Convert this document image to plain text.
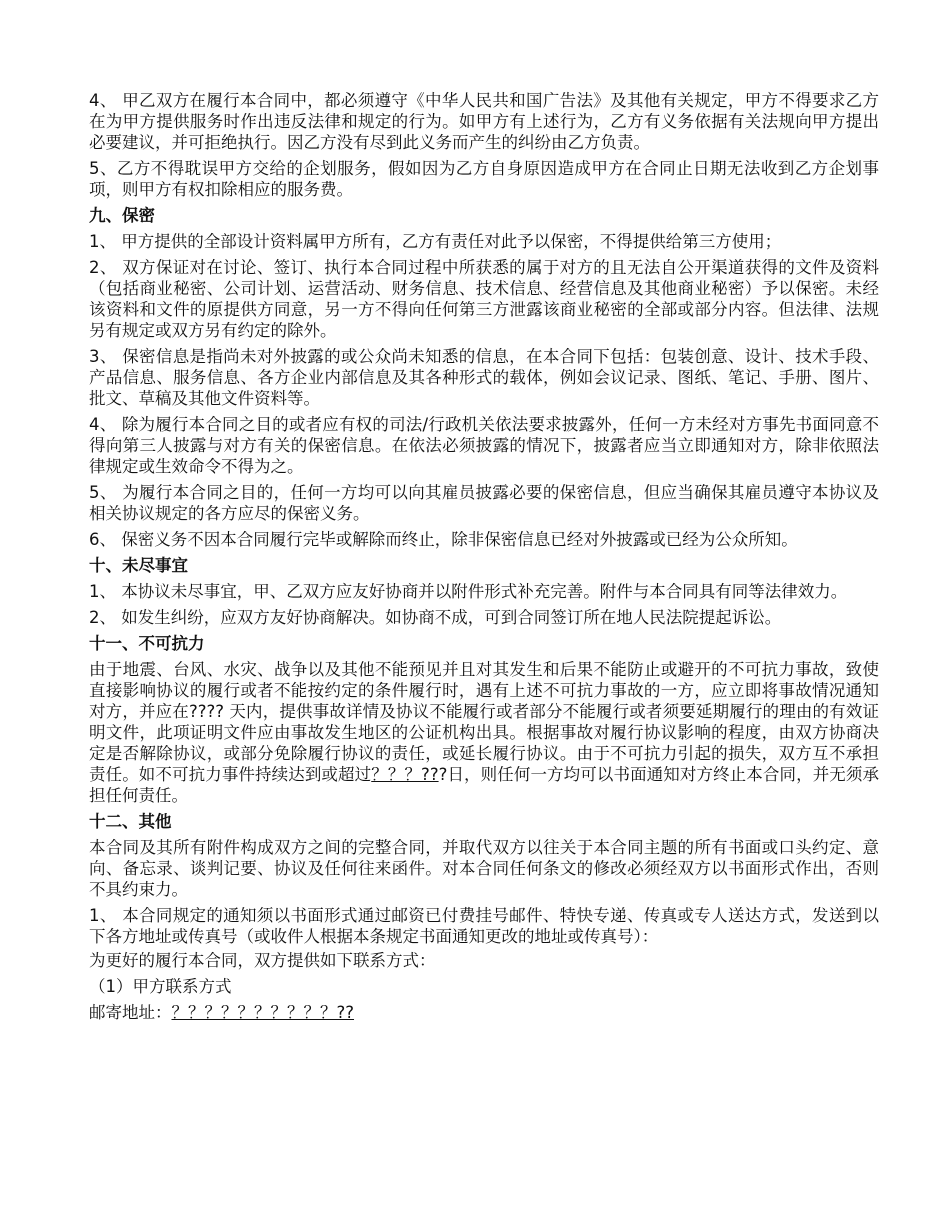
4、 甲乙双方在履行本合同中，都必须遵守《中华人民共和国广告法》及其他有关规定，甲方不得要求乙方在为甲方提供服务时作出违反法律和规定的行为。如甲方有上述行为，乙方有义务依据有关法规向甲方提出必要建议，并可拒绝执行。因乙方没有尽到此义务而产生的纠纷由乙方负责。

5、乙方不得耽误甲方交给的企划服务，假如因为乙方自身原因造成甲方在合同止日期无法收到乙方企划事项，则甲方有权扣除相应的服务费。

九、保密

1、 甲方提供的全部设计资料属甲方所有，乙方有责任对此予以保密，不得提供给第三方使用；

2、 双方保证对在讨论、签订、执行本合同过程中所获悉的属于对方的且无法自公开渠道获得的文件及资料（包括商业秘密、公司计划、运营活动、财务信息、技术信息、经营信息及其他商业秘密）予以保密。未经该资料和文件的原提供方同意，另一方不得向任何第三方泄露该商业秘密的全部或部分内容。但法律、法规另有规定或双方另有约定的除外。

3、 保密信息是指尚未对外披露的或公众尚未知悉的信息，在本合同下包括：包装创意、设计、技术手段、产品信息、服务信息、各方企业内部信息及其各种形式的载体，例如会议记录、图纸、笔记、手册、图片、批文、草稿及其他文件资料等。

4、 除为履行本合同之目的或者应有权的司法/行政机关依法要求披露外，任何一方未经对方事先书面同意不得向第三人披露与对方有关的保密信息。在依法必须披露的情况下，披露者应当立即通知对方，除非依照法律规定或生效命令不得为之。

5、 为履行本合同之目的，任何一方均可以向其雇员披露必要的保密信息，但应当确保其雇员遵守本协议及相关协议规定的各方应尽的保密义务。

6、 保密义务不因本合同履行完毕或解除而终止，除非保密信息已经对外披露或已经为公众所知。

十、未尽事宜

1、 本协议未尽事宜，甲、乙双方应友好协商并以附件形式补充完善。附件与本合同具有同等法律效力。

2、 如发生纠纷，应双方友好协商解决。如协商不成，可到合同签订所在地人民法院提起诉讼。

十一、不可抗力

由于地震、台风、水灾、战争以及其他不能预见并且对其发生和后果不能防止或避开的不可抗力事故，致使直接影响协议的履行或者不能按约定的条件履行时，遇有上述不可抗力事故的一方，应立即将事故情况通知对方，并应在???? 天内，提供事故详情及协议不能履行或者部分不能履行或者须要延期履行的理由的有效证明文件，此项证明文件应由事故发生地区的公证机构出具。根据事故对履行协议影响的程度，由双方协商决定是否解除协议，或部分免除履行协议的责任，或延长履行协议。由于不可抗力引起的损失，双方互不承担责任。如不可抗力事件持续达到或超过？？？???日，则任何一方均可以书面通知对方终止本合同，并无须承担任何责任。

十二、其他

本合同及其所有附件构成双方之间的完整合同，并取代双方以往关于本合同主题的所有书面或口头约定、意向、备忘录、谈判记要、协议及任何往来函件。对本合同任何条文的修改必须经双方以书面形式作出，否则不具约束力。

1、 本合同规定的通知须以书面形式通过邮资已付费挂号邮件、特快专递、传真或专人送达方式，发送到以下各方地址或传真号（或收件人根据本条规定书面通知更改的地址或传真号）：

为更好的履行本合同，双方提供如下联系方式：

（1）甲方联系方式

邮寄地址：？？？？？？？？？？??
